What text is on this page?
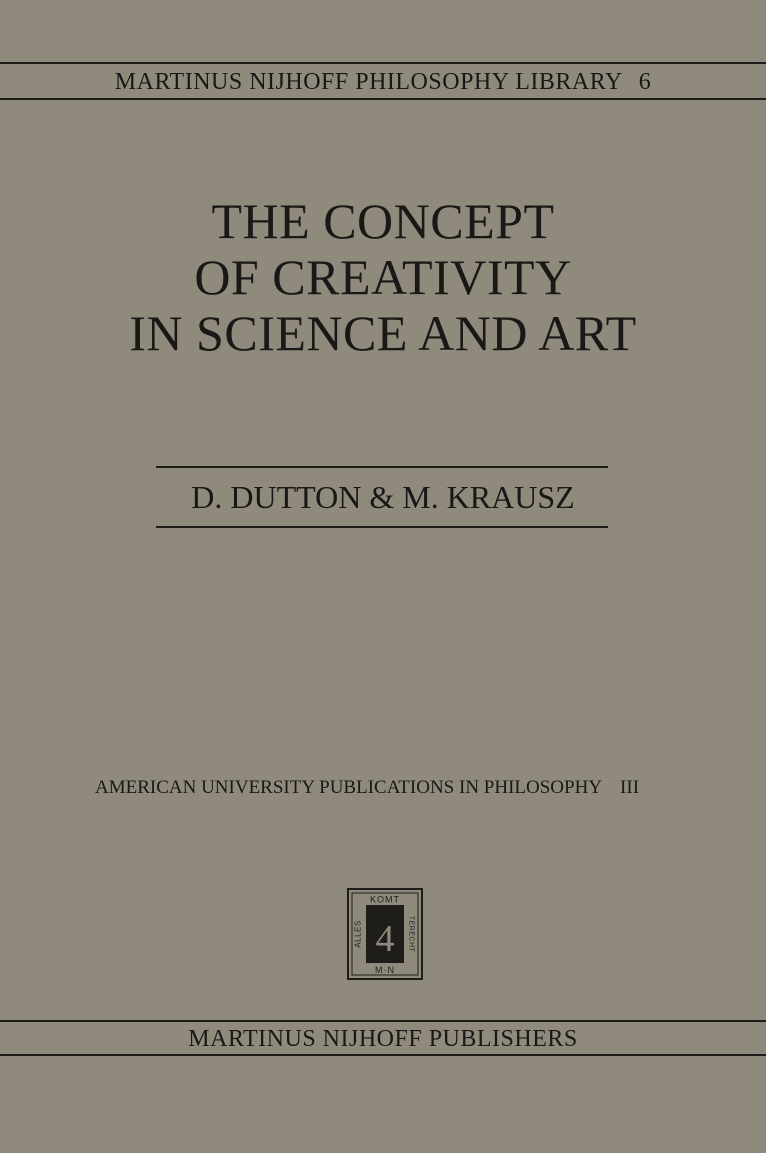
MARTINUS NIJHOFF PHILOSOPHY LIBRARY 6
THE CONCEPT
OF CREATIVITY
IN SCIENCE AND ART
D. DUTTON & M. KRAUSZ
AMERICAN UNIVERSITY PUBLICATIONS IN PHILOSOPHY III
KOMT
M·N
ALLES	TERECHT
4
MARTINUS NIJHOFF PUBLISHERS
